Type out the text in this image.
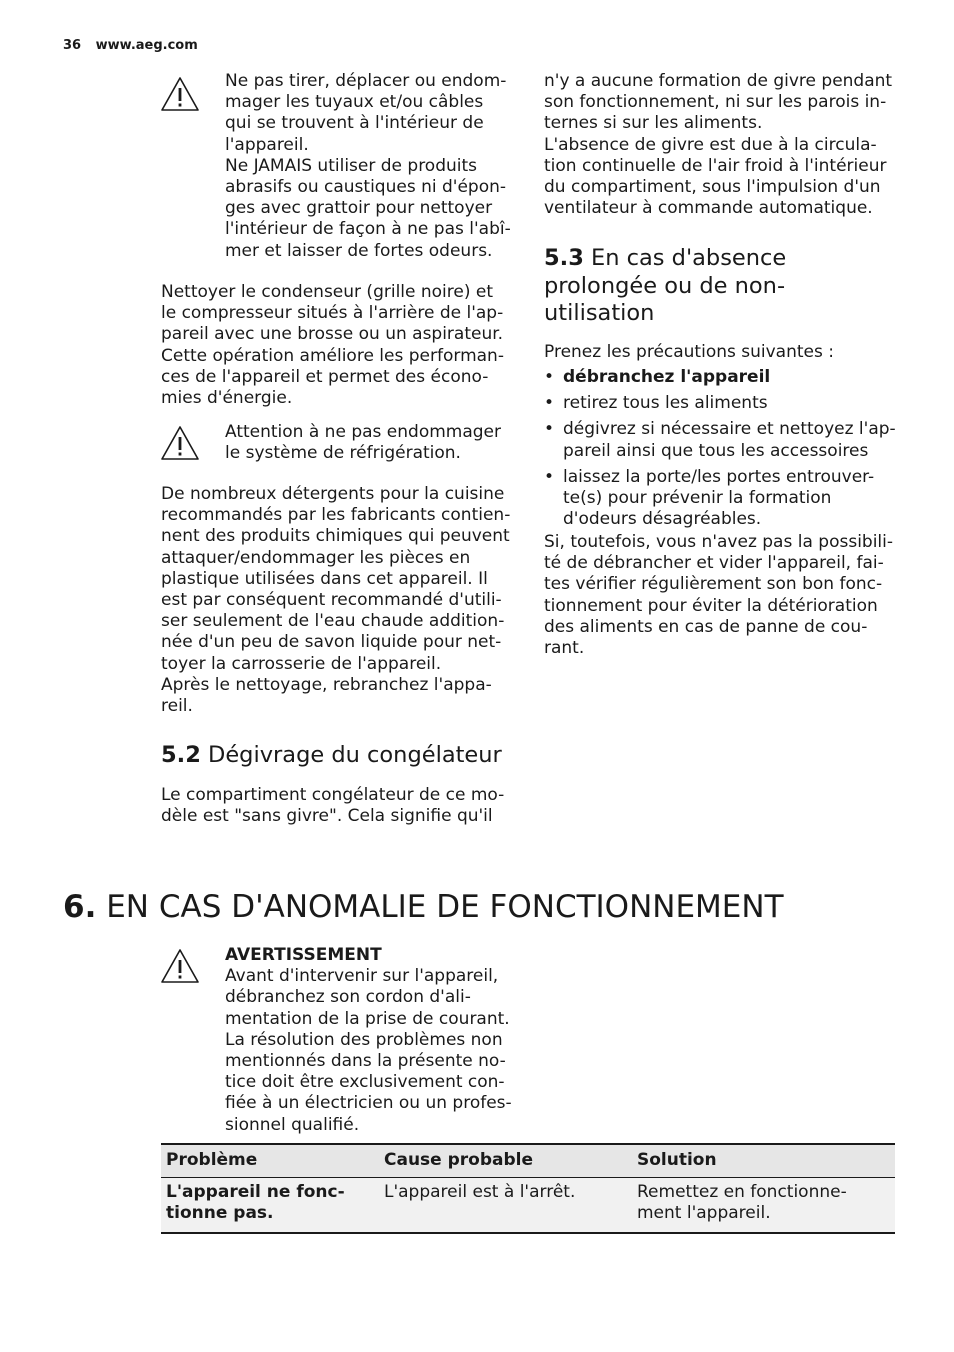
36 www.aeg.com
Ne pas tirer, déplacer ou endom-
mager les tuyaux et/ou câbles
qui se trouvent à l'intérieur de
l'appareil.
Ne JAMAIS utiliser de produits
abrasifs ou caustiques ni d'épon-
ges avec grattoir pour nettoyer
l'intérieur de façon à ne pas l'abî-
mer et laisser de fortes odeurs.
Nettoyer le condenseur (grille noire) et
le compresseur situés à l'arrière de l'ap-
pareil avec une brosse ou un aspirateur.
Cette opération améliore les performan-
ces de l'appareil et permet des écono-
mies d'énergie.
Attention à ne pas endommager
le système de réfrigération.
De nombreux détergents pour la cuisine
recommandés par les fabricants contien-
nent des produits chimiques qui peuvent
attaquer/endommager les pièces en
plastique utilisées dans cet appareil. Il
est par conséquent recommandé d'utili-
ser seulement de l'eau chaude addition-
née d'un peu de savon liquide pour net-
toyer la carrosserie de l'appareil.
Après le nettoyage, rebranchez l'appa-
reil.
5.2 Dégivrage du congélateur
Le compartiment congélateur de ce mo-
dèle est "sans givre". Cela signifie qu'il
n'y a aucune formation de givre pendant
son fonctionnement, ni sur les parois in-
ternes si sur les aliments.
L'absence de givre est due à la circula-
tion continuelle de l'air froid à l'intérieur
du compartiment, sous l'impulsion d'un
ventilateur à commande automatique.
5.3 En cas d'absence
prolongée ou de non-
utilisation
Prenez les précautions suivantes :
• débranchez l'appareil
• retirez tous les aliments
• dégivrez si nécessaire et nettoyez l'ap-
pareil ainsi que tous les accessoires
• laissez la porte/les portes entrouver-
te(s) pour prévenir la formation
d'odeurs désagréables.
Si, toutefois, vous n'avez pas la possibili-
té de débrancher et vider l'appareil, fai-
tes vérifier régulièrement son bon fonc-
tionnement pour éviter la détérioration
des aliments en cas de panne de cou-
rant.
6. EN CAS D'ANOMALIE DE FONCTIONNEMENT
AVERTISSEMENT
Avant d'intervenir sur l'appareil,
débranchez son cordon d'ali-
mentation de la prise de courant.
La résolution des problèmes non
mentionnés dans la présente no-
tice doit être exclusivement con-
fiée à un électricien ou un profes-
sionnel qualifié.
Problème	Cause probable	Solution

L'appareil ne fonc-
tionne pas.	L'appareil est à l'arrêt.	Remettez en fonctionne-
ment l'appareil.
